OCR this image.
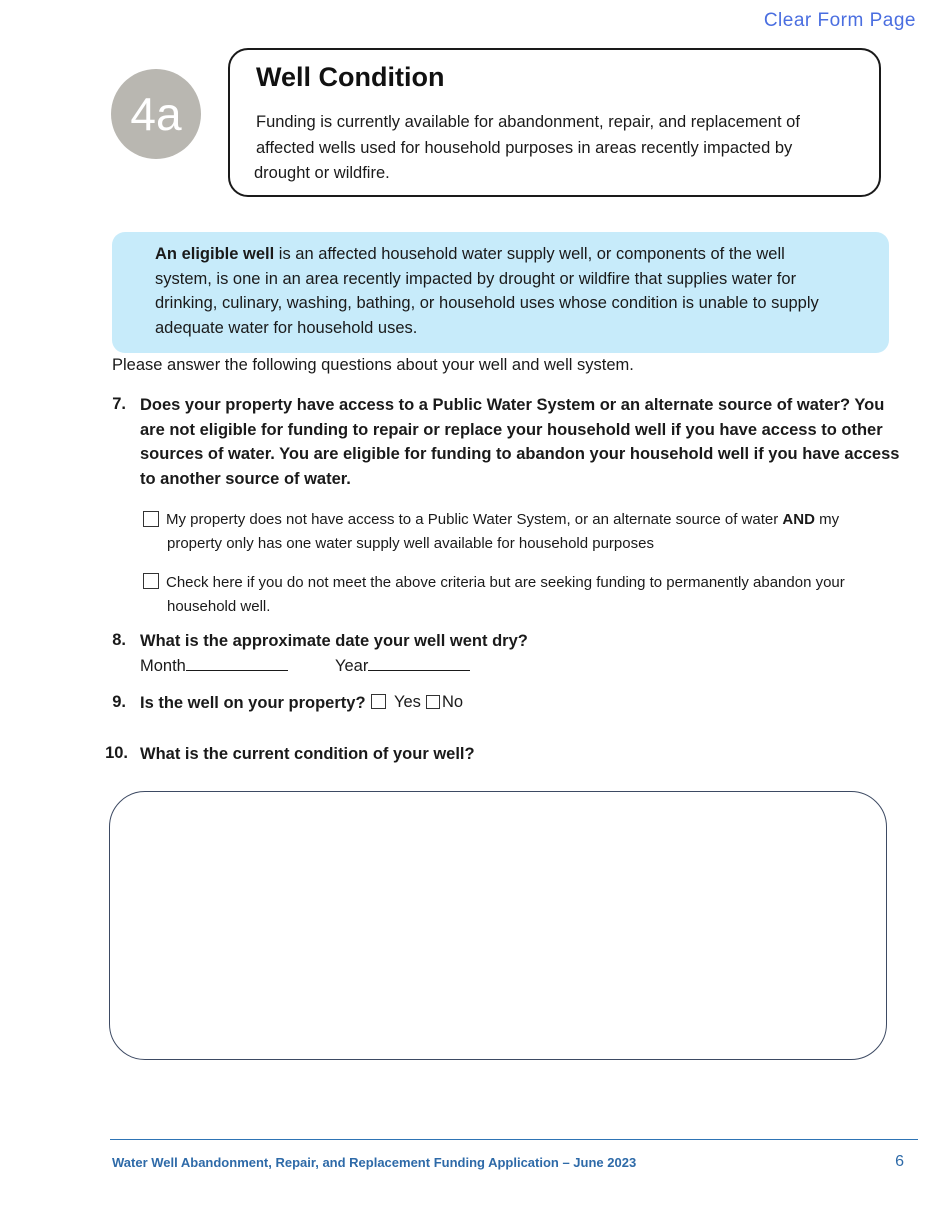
Clear Form Page
4a
Well Condition
Funding is currently available for abandonment, repair, and replacement of
affected wells used for household purposes in areas recently impacted by
drought or wildfire.
An eligible well is an affected household water supply well, or components of the well
system, is one in an area recently impacted by drought or wildfire that supplies water for
drinking, culinary, washing, bathing, or household uses whose condition is unable to supply
adequate water for household uses.
Please answer the following questions about your well and well system.
7. Does your property have access to a Public Water System or an alternate source of water? You
are not eligible for funding to repair or replace your household well if you have access to other
sources of water. You are eligible for funding to abandon your household well if you have access
to another source of water.
My property does not have access to a Public Water System, or an alternate source of water AND my
property only has one water supply well available for household purposes
Check here if you do not meet the above criteria but are seeking funding to permanently abandon your
household well.
8. What is the approximate date your well went dry?
Month	Year
9. Is the well on your property? Yes No
10. What is the current condition of your well?
Water Well Abandonment, Repair, and Replacement Funding Application – June 2023	6
